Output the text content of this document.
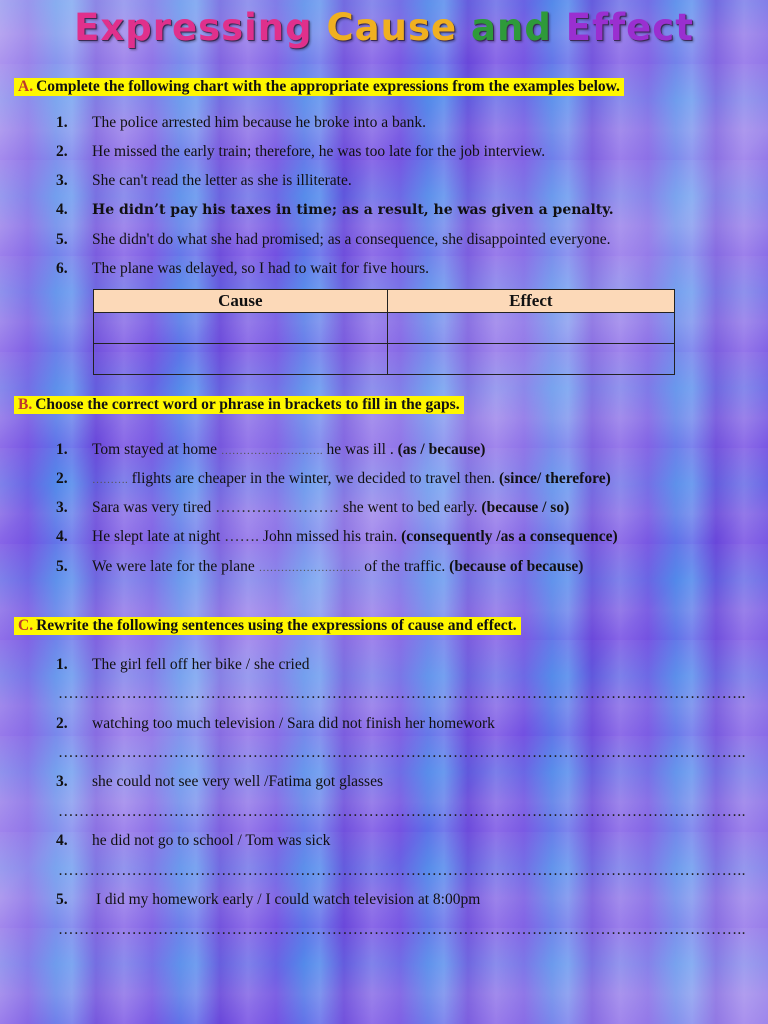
Expressing Cause and Effect
A. Complete the following chart with the appropriate expressions from the examples below.
1. The police arrested him because he broke into a bank.
2. He missed the early train; therefore, he was too late for the job interview.
3. She can't read the letter as she is illiterate.
4. He didn’t pay his taxes in time; as a result, he was given a penalty.
5. She didn't do what she had promised; as a consequence, she disappointed everyone.
6. The plane was delayed, so I had to wait for five hours.
Cause	Effect

B. Choose the correct word or phrase in brackets to fill in the gaps.
1. Tom stayed at home ………………………. he was ill . (as / because)
2. ………. flights are cheaper in the winter, we decided to travel then. (since/ therefore)
3. Sara was very tired …………………… she went to bed early. (because / so)
4. He slept late at night ……. John missed his train. (consequently /as a consequence)
5. We were late for the plane ………………………. of the traffic. (because of because)
C. Rewrite the following sentences using the expressions of cause and effect.
1. The girl fell off her bike / she cried
…………………………………………………………………………………………………………………..
2. watching too much television / Sara did not finish her homework
…………………………………………………………………………………………………………………..
3. she could not see very well /Fatima got glasses
…………………………………………………………………………………………………………………..
4. he did not go to school / Tom was sick
…………………………………………………………………………………………………………………..
5. I did my homework early / I could watch television at 8:00pm
…………………………………………………………………………………………………………………..
